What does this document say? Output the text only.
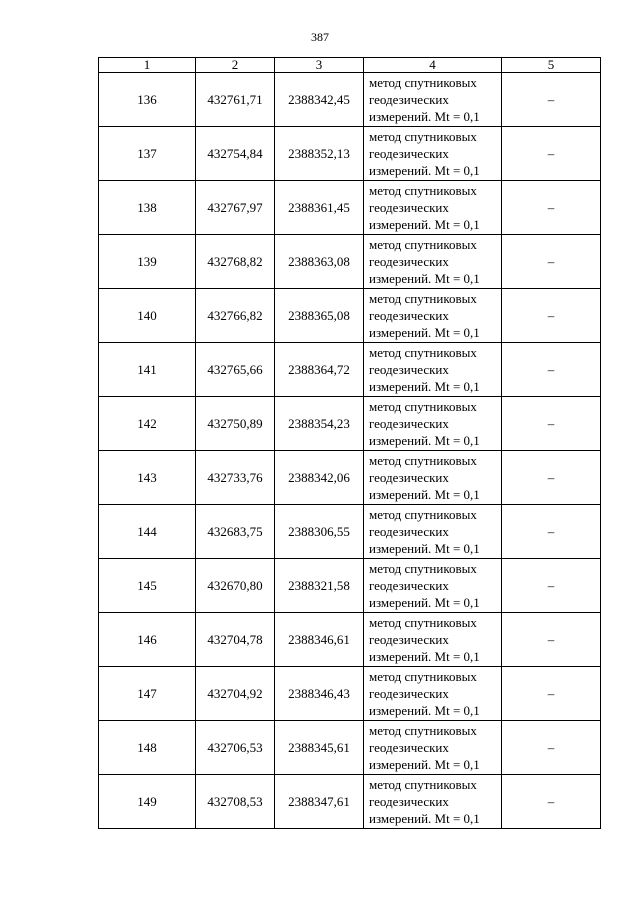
387
1	2	3	4	5
136	432761,71	2388342,45	метод спутниковых геодезических измерений. Mt = 0,1	–
137	432754,84	2388352,13	метод спутниковых геодезических измерений. Mt = 0,1	–
138	432767,97	2388361,45	метод спутниковых геодезических измерений. Mt = 0,1	–
139	432768,82	2388363,08	метод спутниковых геодезических измерений. Mt = 0,1	–
140	432766,82	2388365,08	метод спутниковых геодезических измерений. Mt = 0,1	–
141	432765,66	2388364,72	метод спутниковых геодезических измерений. Mt = 0,1	–
142	432750,89	2388354,23	метод спутниковых геодезических измерений. Mt = 0,1	–
143	432733,76	2388342,06	метод спутниковых геодезических измерений. Mt = 0,1	–
144	432683,75	2388306,55	метод спутниковых геодезических измерений. Mt = 0,1	–
145	432670,80	2388321,58	метод спутниковых геодезических измерений. Mt = 0,1	–
146	432704,78	2388346,61	метод спутниковых геодезических измерений. Mt = 0,1	–
147	432704,92	2388346,43	метод спутниковых геодезических измерений. Mt = 0,1	–
148	432706,53	2388345,61	метод спутниковых геодезических измерений. Mt = 0,1	–
149	432708,53	2388347,61	метод спутниковых геодезических измерений. Mt = 0,1	–
